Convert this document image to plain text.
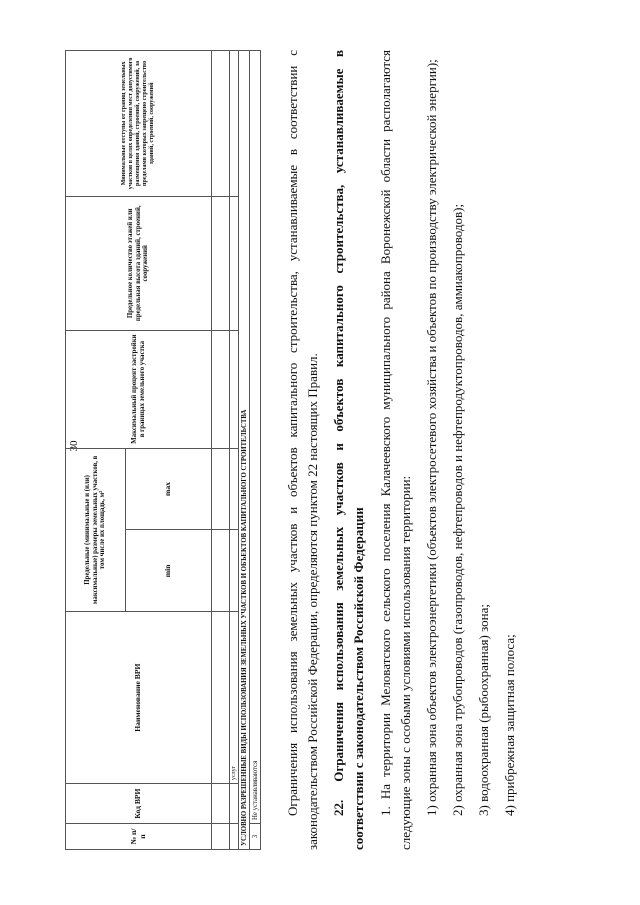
30
№ п/п	Код ВРИ	Наименование ВРИ	Предельные (минимальные и (или) максимальные) размеры земельных участков, в том числе их площадь, м²		Максимальный процент застройки в границах земельного участка	Предельное количество этажей или предельная высота зданий, строений, сооружений	Минимальные отступы от границ земельных участков в целях определения мест допустимого размещения зданий, строений, сооружений, за пределами которых запрещено строительство зданий, строений, сооружений
			min	max			

		услуг					
УСЛОВНО РАЗРЕШЕННЫЕ ВИДЫ ИСПОЛЬЗОВАНИЯ ЗЕМЕЛЬНЫХ УЧАСТКОВ И ОБЪЕКТОВ КАПИТАЛЬНОГО СТРОИТЕЛЬСТВА							
3	Не устанавливаются						Ограничения использования земельных участков и объектов капитального строительства, устанавливаемые в соответствии с законодательством Российской Федерации, определяются пунктом 22 настоящих Правил. 22.Ограничения использования земельных участков и объектов капитального строительства, устанавливаемые в соответствии с законодательством Российской Федерации 1. На территории Меловатского сельского поселения Калачеевского муниципального района Воронежской области располагаются следующие зоны с особыми условиями использования территории: 1) охранная зона объектов электроэнергетики (объектов электросетевого хозяйства и объектов по производству электрической энергии); 2) охранная зона трубопроводов (газопроводов, нефтепроводов и нефтепродуктопроводов, аммиакопроводов); 3) водоохранная (рыбоохранная) зона; 4) прибрежная защитная полоса;
